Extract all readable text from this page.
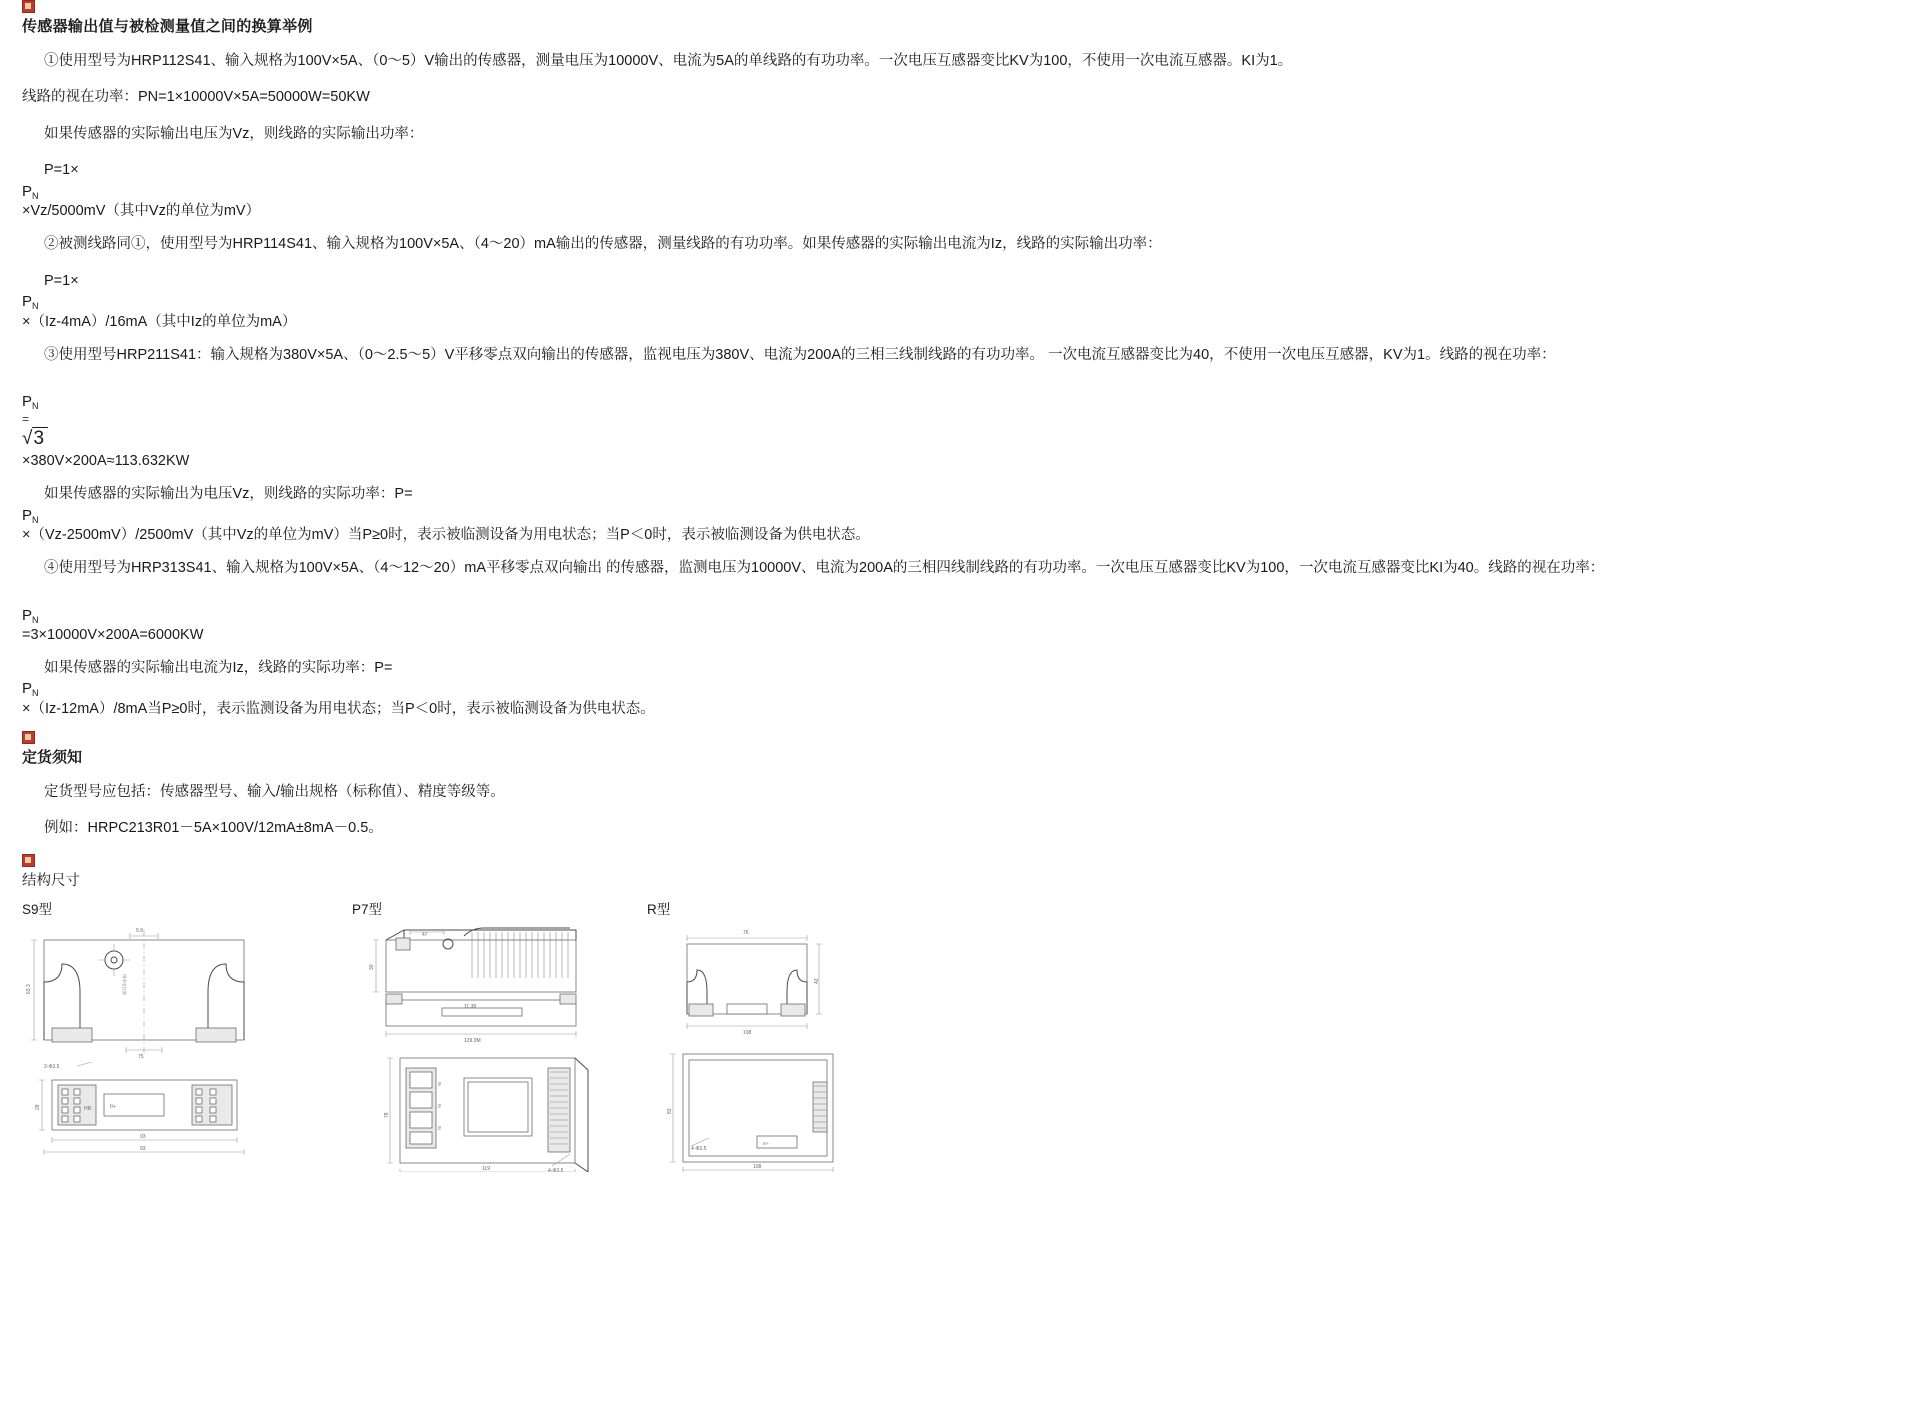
传感器输出值与被检测量值之间的换算举例

①使用型号为HRP112S41、输入规格为100V×5A、（0～5）V输出的传感器，测量电压为10000V、电流为5A的单线路的有功功率。一次电压互感器变比KV为100，不使用一次电流互感器。KI为1。

线路的视在功率：PN=1×10000V×5A=50000W=50KW

如果传感器的实际输出电压为Vz，则线路的实际输出功率：

P=1×

$P_N$

×Vz/5000mV（其中Vz的单位为mV）

②被测线路同①，使用型号为HRP114S41、输入规格为100V×5A、（4～20）mA输出的传感器，测量线路的有功功率。如果传感器的实际输出电流为Iz，线路的实际输出功率：

P=1×

$P_N$

×（Iz-4mA）/16mA（其中Iz的单位为mA）

③使用型号HRP211S41：输入规格为380V×5A、（0～2.5～5）V平移零点双向输出的传感器，监视电压为380V、电流为200A的三相三线制线路的有功功率。 一次电流互感器变比为40，不使用一次电压互感器，KV为1。线路的视在功率：

$P_N$

=

√3

×380V×200A≈113.632KW

如果传感器的实际输出为电压Vz，则线路的实际功率：P=

$P_N$

×（Vz-2500mV）/2500mV（其中Vz的单位为mV）当P≥0时，表示被临测设备为用电状态；当P＜0时，表示被临测设备为供电状态。

④使用型号为HRP313S41、输入规格为100V×5A、（4～12～20）mA平移零点双向输出 的传感器，监测电压为10000V、电流为200A的三相四线制线路的有功功率。一次电压互感器变比KV为100，一次电流互感器变比KI为40。线路的视在功率：

$P_N$

=3×10000V×200A=6000KW

如果传感器的实际输出电流为Iz，线路的实际功率：P=

$P_N$

×（Iz-12mA）/8mA当P≥0时，表示监测设备为用电状态；当P＜0时，表示被临测设备为供电状态。

定货须知

定货型号应包括：传感器型号、输入/输出规格（标称值）、精度等级等。

例如：HRPC213R01－5A×100V/12mA±8mA－0.5。

结构尺寸
S9型
调零电位器
5.9
63.3
75
HR	II+
28
93
93
2-Φ3.5
P7型
47
30
11.38
129.0M
IN
IN
IN
4-Φ3.5
78
119
R型
76
42
108
III+
4-Φ3.5
83
108
